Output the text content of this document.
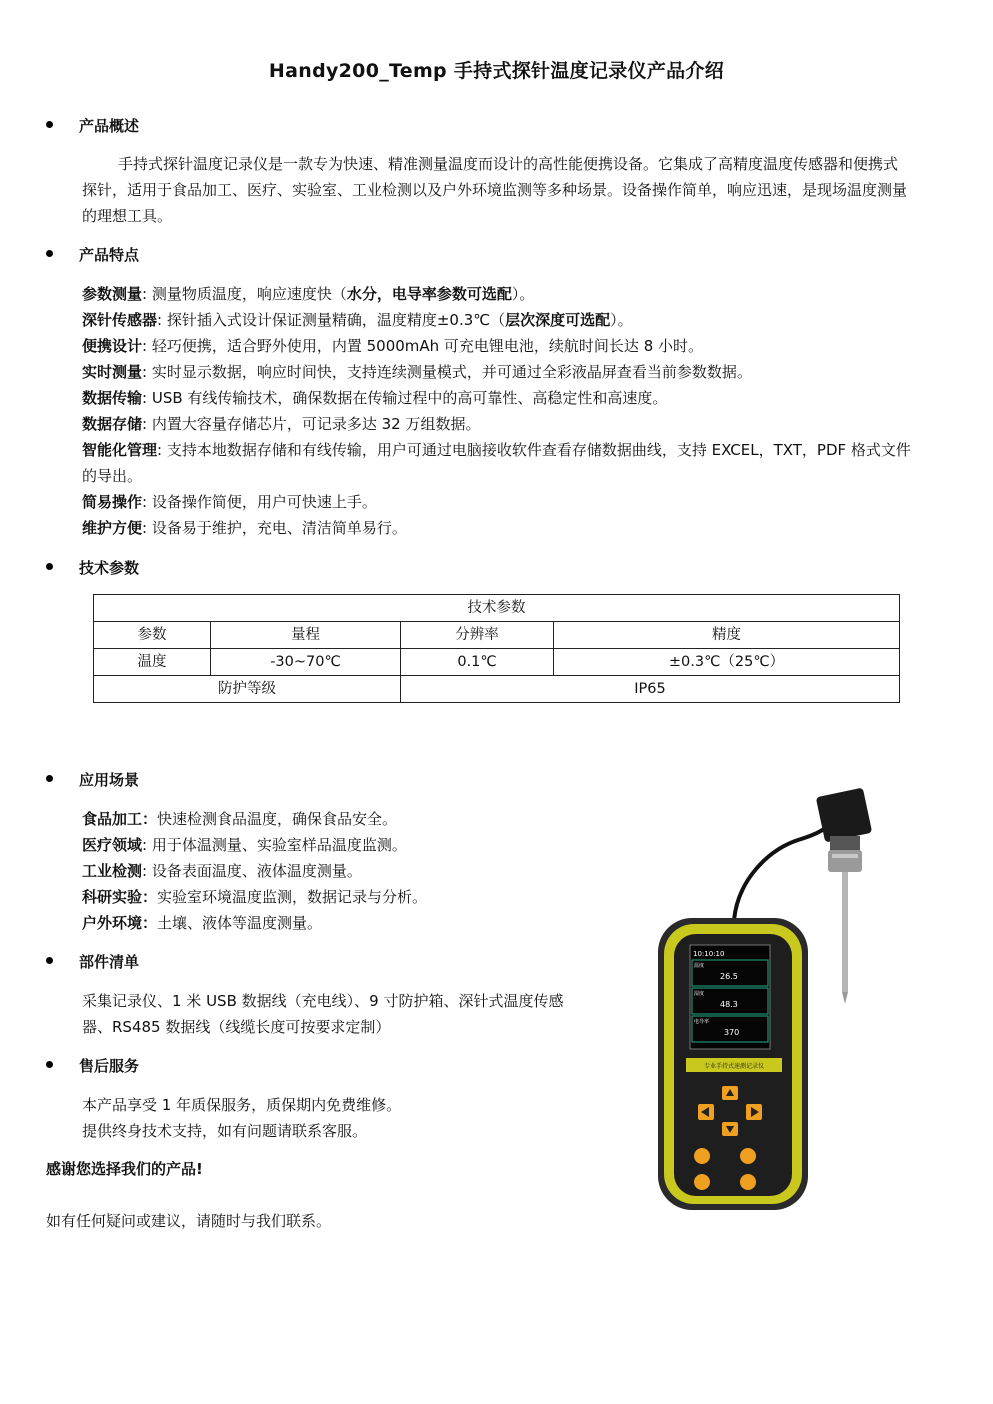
Handy200_Temp 手持式探针温度记录仪产品介绍
产品概述
手持式探针温度记录仪是一款专为快速、精准测量温度而设计的高性能便携设备。它集成了高精度温度传感器和便携式探针，适用于食品加工、医疗、实验室、工业检测以及户外环境监测等多种场景。设备操作简单，响应迅速，是现场温度测量的理想工具。
产品特点
参数测量: 测量物质温度，响应速度快（水分，电导率参数可选配）。
深针传感器: 探针插入式设计保证测量精确，温度精度±0.3℃（层次深度可选配）。
便携设计: 轻巧便携，适合野外使用，内置 5000mAh 可充电锂电池，续航时间长达 8 小时。
实时测量: 实时显示数据，响应时间快，支持连续测量模式，并可通过全彩液晶屏查看当前参数数据。
数据传输: USB 有线传输技术，确保数据在传输过程中的高可靠性、高稳定性和高速度。
数据存储: 内置大容量存储芯片，可记录多达 32 万组数据。
智能化管理: 支持本地数据存储和有线传输，用户可通过电脑接收软件查看存储数据曲线，支持 EXCEL，TXT，PDF 格式文件的导出。
简易操作: 设备操作简便，用户可快速上手。
维护方便: 设备易于维护，充电、清洁简单易行。
技术参数
技术参数			
参数	量程	分辨率	精度
温度	-30~70℃	0.1℃	±0.3℃（25℃）
防护等级		IP65	
应用场景
食品加工：快速检测食品温度，确保食品安全。
医疗领域: 用于体温测量、实验室样品温度监测。
工业检测: 设备表面温度、液体温度测量。
科研实验：实验室环境温度监测，数据记录与分析。
户外环境：土壤、液体等温度测量。
部件清单
采集记录仪、1 米 USB 数据线（充电线）、9 寸防护箱、深针式温度传感
器、RS485 数据线（线缆长度可按要求定制）
售后服务
本产品享受 1 年质保服务，质保期内免费维修。
提供终身技术支持，如有问题请联系客服。
感谢您选择我们的产品!
如有任何疑问或建议，请随时与我们联系。
10:10:10
温度
26.5
湿度
48.3
电导率
370
专业手持式速测记录仪
